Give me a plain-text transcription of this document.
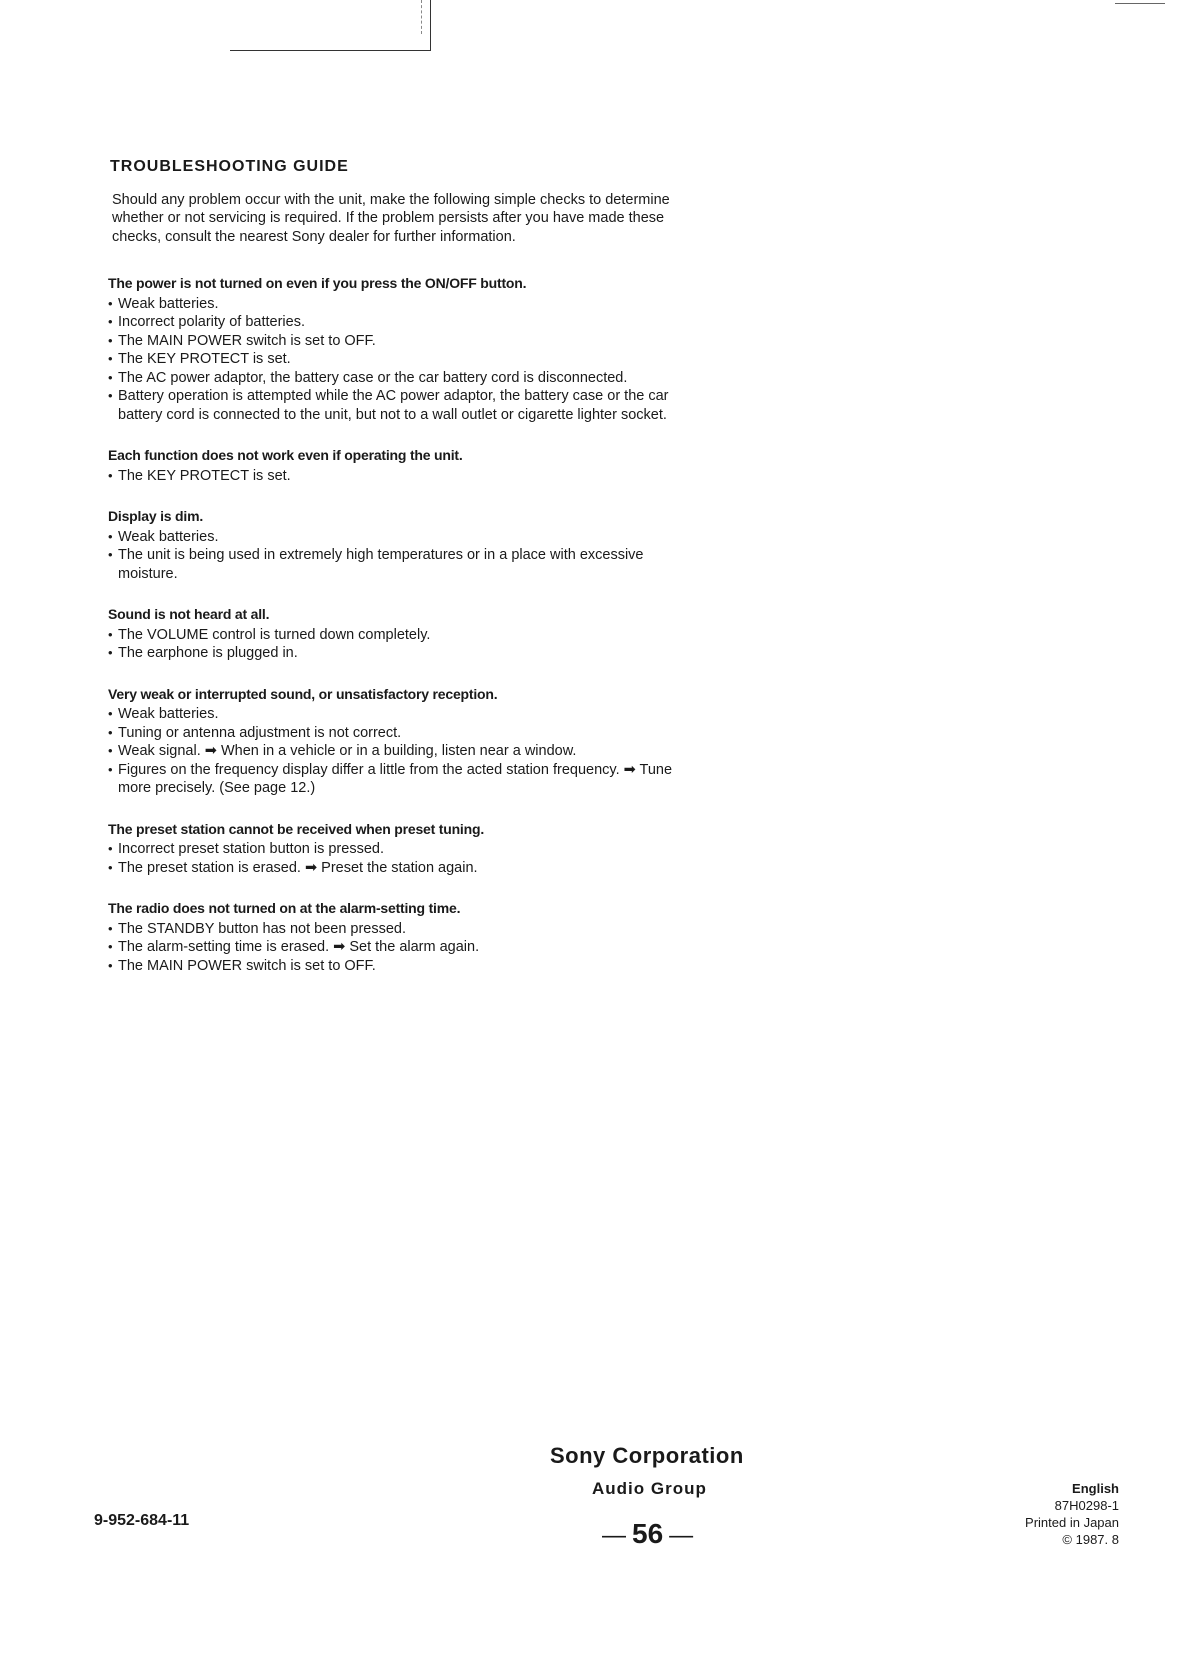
TROUBLESHOOTING GUIDE

Should any problem occur with the unit, make the following simple checks to determine whether or not servicing is required. If the problem persists after you have made these checks, consult the nearest Sony dealer for further information.

The power is not turned on even if you press the ON/OFF button.
• Weak batteries.
• Incorrect polarity of batteries.
• The MAIN POWER switch is set to OFF.
• The KEY PROTECT is set.
• The AC power adaptor, the battery case or the car battery cord is disconnected.
• Battery operation is attempted while the AC power adaptor, the battery case or the car battery cord is connected to the unit, but not to a wall outlet or cigarette lighter socket.
Each function does not work even if operating the unit.
• The KEY PROTECT is set.
Display is dim.
• Weak batteries.
• The unit is being used in extremely high temperatures or in a place with excessive moisture.
Sound is not heard at all.
• The VOLUME control is turned down completely.
• The earphone is plugged in.
Very weak or interrupted sound, or unsatisfactory reception.
• Weak batteries.
• Tuning or antenna adjustment is not correct.
• Weak signal. ➡ When in a vehicle or in a building, listen near a window.
• Figures on the frequency display differ a little from the acted station frequency. ➡ Tune more precisely. (See page 12.)
The preset station cannot be received when preset tuning.
• Incorrect preset station button is pressed.
• The preset station is erased. ➡ Preset the station again.
The radio does not turned on at the alarm-setting time.
• The STANDBY button has not been pressed.
• The alarm-setting time is erased. ➡ Set the alarm again.
• The MAIN POWER switch is set to OFF.
Sony Corporation
Audio Group
— 56 —
9-952-684-11
English
87H0298-1
Printed in Japan
© 1987. 8
